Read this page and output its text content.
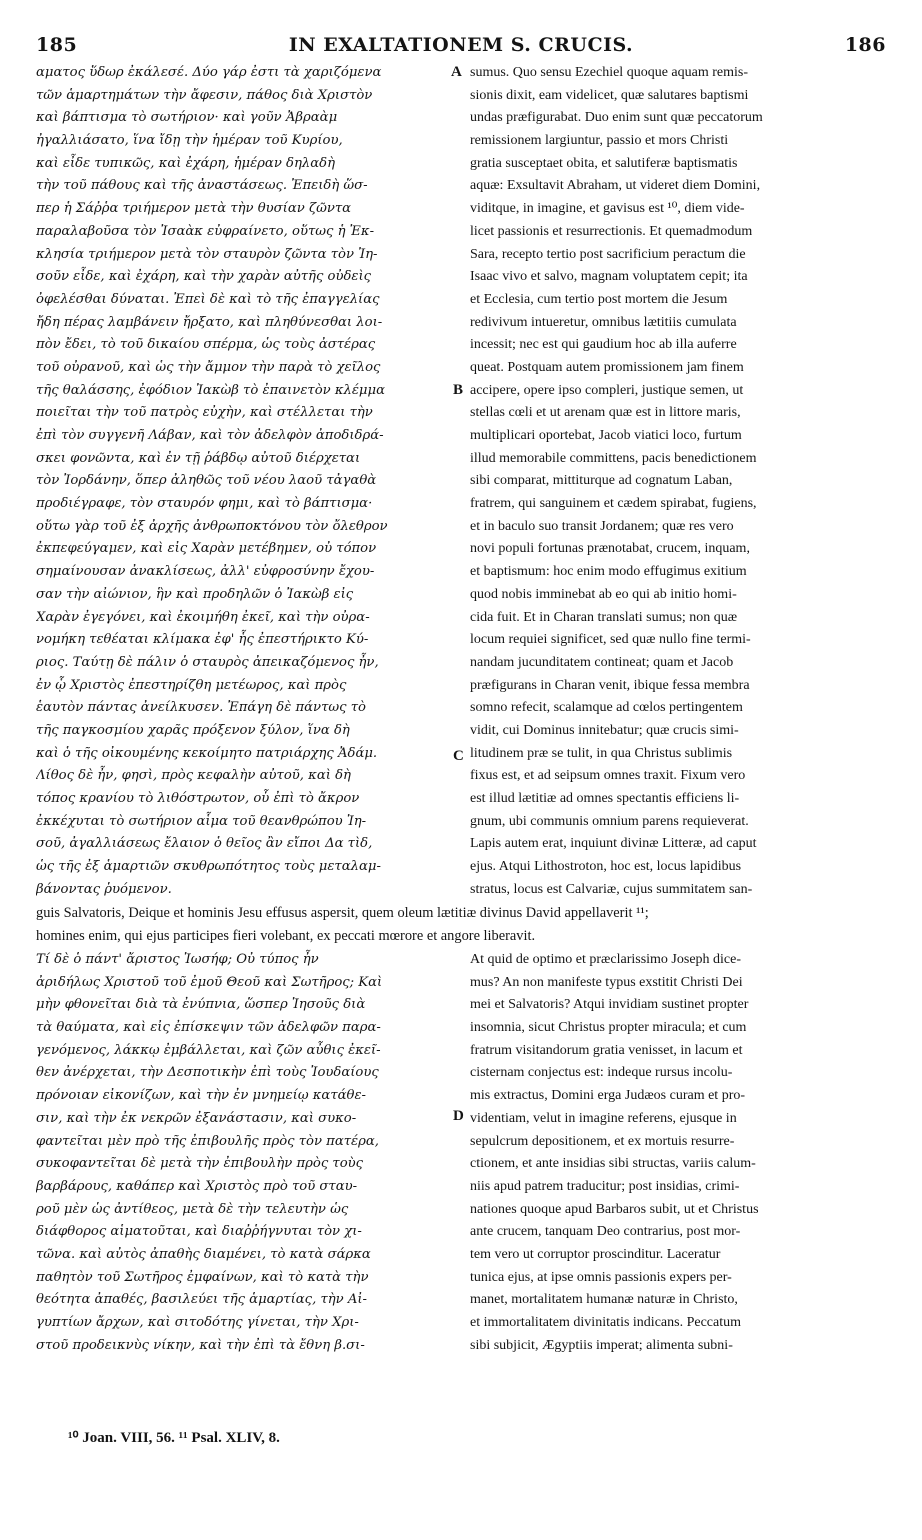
185	IN EXALTATIONEM S. CRUCIS.	186
ɑματος ὕδωρ ἐκάλεσέ. Δύο γάρ ἐστι τὰ χαριζόμενα
τῶν ἁμαρτημάτων τὴν ἄφεσιν, πάθος διὰ Χριστὸν
καὶ βάπτισμα τὸ σωτήριον· καὶ γοῦν Ἀβραὰμ
ἠγαλλιάσατο, ἵνα ἴδῃ τὴν ἡμέραν τοῦ Κυρίου,
καὶ εἶδε τυπικῶς, καὶ ἐχάρη, ἡμέραν δηλαδὴ
τὴν τοῦ πάθους καὶ τῆς ἀναστάσεως. Ἐπειδὴ ὥσ-
περ ἡ Σάῤῥα τριήμερον μετὰ τὴν θυσίαν ζῶντα
παραλαβοῦσα τὸν Ἰσαὰκ εὐφραίνετο, οὕτως ἡ Ἐκ-
κλησία τριήμερον μετὰ τὸν σταυρὸν ζῶντα τὸν Ἰη-
σοῦν εἶδε, καὶ ἐχάρη, καὶ τὴν χαρὰν αὐτῆς οὐδεὶς
ὀφελέσθαι δύναται. Ἐπεὶ δὲ καὶ τὸ τῆς ἐπαγγελίας
ἤδη πέρας λαμβάνειν ἤρξατο, καὶ πληθύνεσθαι λοι-
πὸν ἔδει, τὸ τοῦ δικαίου σπέρμα, ὡς τοὺς ἀστέρας
τοῦ οὐρανοῦ, καὶ ὡς τὴν ἄμμον τὴν παρὰ τὸ χεῖλος
τῆς θαλάσσης, ἐφόδιον Ἰακὼβ τὸ ἐπαινετὸν κλέμμα
ποιεῖται τὴν τοῦ πατρὸς εὐχὴν, καὶ στέλλεται τὴν
ἐπὶ τὸν συγγενῆ Λάβαν, καὶ τὸν ἀδελφὸν ἀποδιδρά-
σκει φονῶντα, καὶ ἐν τῇ ῥάβδῳ αὐτοῦ διέρχεται
τὸν Ἰορδάνην, ὅπερ ἀληθῶς τοῦ νέου λαοῦ τἀγαθὰ
προδιέγραφε, τὸν σταυρόν φημι, καὶ τὸ βάπτισμα·
οὕτω γὰρ τοῦ ἐξ ἀρχῆς ἀνθρωποκτόνου τὸν ὄλεθρον
ἐκπεφεύγαμεν, καὶ εἰς Χαρὰν μετέβημεν, οὐ τόπον
σημαίνουσαν ἀνακλίσεως, ἀλλ' εὐφροσύνην ἔχου-
σαν τὴν αἰώνιον, ἣν καὶ προδηλῶν ὁ Ἰακὼβ εἰς
Χαρὰν ἐγεγόνει, καὶ ἐκοιμήθη ἐκεῖ, καὶ τὴν οὐρα-
νομήκη τεθέαται κλίμακα ἐφ' ἧς ἐπεστήρικτο Κύ-
ριος. Ταύτῃ δὲ πάλιν ὁ σταυρὸς ἀπεικαζόμενος ἦν,
ἐν ᾧ Χριστὸς ἐπεστηρίζθη μετέωρος, καὶ πρὸς
ἑαυτὸν πάντας ἀνείλκυσεν. Ἐπάγη δὲ πάντως τὸ
τῆς παγκοσμίου χαρᾶς πρόξενον ξύλον, ἵνα δὴ
καὶ ὁ τῆς οἰκουμένης κεκοίμητο πατριάρχης Ἀδάμ.
Λίθος δὲ ἦν, φησὶ, πρὸς κεφαλὴν αὐτοῦ, καὶ δὴ
τόπος κρανίου τὸ λιθόστρωτον, οὗ ἐπὶ τὸ ἄκρον
ἐκκέχυται τὸ σωτήριον αἷμα τοῦ θεανθρώπου Ἰη-
σοῦ, ἀγαλλιάσεως ἔλαιον ὁ θεῖος ἂν εἴποι Δα τὶδ,
ὡς τῆς ἐξ ἁμαρτιῶν σκυθρωπότητος τοὺς μεταλαμ-
βάνοντας ῥυόμενον.
sumus. Quo sensu Ezechiel quoque aquam remis-
sionis dixit, eam videlicet, quæ salutares baptismi
undas præfigurabat. Duo enim sunt quæ peccatorum
remissionem largiuntur, passio et mors Christi
gratia susceptaet obita, et salutiferæ baptismatis
aquæ: Exsultavit Abraham, ut videret diem Domini,
viditque, in imagine, et gavisus est ¹⁰, diem vide-
licet passionis et resurrectionis. Et quemadmodum
Sara, recepto tertio post sacrificium peractum die
Isaac vivo et salvo, magnam voluptatem cepit; ita
et Ecclesia, cum tertio post mortem die Jesum
redivivum intueretur, omnibus lætitiis cumulata
incessit; nec est qui gaudium hoc ab illa auferre
queat. Postquam autem promissionem jam finem
accipere, opere ipso compleri, justique semen, ut
stellas cœli et ut arenam quæ est in littore maris,
multiplicari oportebat, Jacob viatici loco, furtum
illud memorabile committens, pacis benedictionem
sibi comparat, mittiturque ad cognatum Laban,
fratrem, qui sanguinem et cædem spirabat, fugiens,
et in baculo suo transit Jordanem; quæ res vero
novi populi fortunas prænotabat, crucem, inquam,
et baptismum: hoc enim modo effugimus exitium
quod nobis imminebat ab eo qui ab initio homi-
cida fuit. Et in Charan translati sumus; non quæ
locum requiei significet, sed quæ nullo fine termi-
nandam jucunditatem contineat; quam et Jacob
præfigurans in Charan venit, ibique fessa membra
somno refecit, scalamque ad cœlos pertingentem
vidit, cui Dominus innitebatur; quæ crucis simi-
litudinem præ se tulit, in qua Christus sublimis
fixus est, et ad seipsum omnes traxit. Fixum vero
est illud lætitiæ ad omnes spectantis efficiens li-
gnum, ubi communis omnium parens requieverat.
Lapis autem erat, inquiunt divinæ Litteræ, ad caput
ejus. Atqui Lithostroton, hoc est, locus lapidibus
stratus, locus est Calvariæ, cujus summitatem san-
guis Salvatoris, Deique et hominis Jesu effusus aspersit, quem oleum lætitiæ divinus David appellaverit ¹¹;
homines enim, qui ejus participes fieri volebant, ex peccati mœrore et angore liberavit.
Τί δὲ ὁ πάντ' ἄριστος Ἰωσήφ; Οὐ τύπος ἦν
ἀριδήλως Χριστοῦ τοῦ ἐμοῦ Θεοῦ καὶ Σωτῆρος; Καὶ
μὴν φθονεῖται διὰ τὰ ἐνύπνια, ὥσπερ Ἰησοῦς διὰ
τὰ θαύματα, καὶ εἰς ἐπίσκεψιν τῶν ἀδελφῶν παρα-
γενόμενος, λάκκῳ ἐμβάλλεται, καὶ ζῶν αὖθις ἐκεῖ-
θεν ἀνέρχεται, τὴν Δεσποτικὴν ἐπὶ τοὺς Ἰουδαίους
πρόνοιαν εἰκονίζων, καὶ τὴν ἐν μνημείῳ κατάθε-
σιν, καὶ τὴν ἐκ νεκρῶν ἐξανάστασιν, καὶ συκο-
φαντεῖται μὲν πρὸ τῆς ἐπιβουλῆς πρὸς τὸν πατέρα,
συκοφαντεῖται δὲ μετὰ τὴν ἐπιβουλὴν πρὸς τοὺς
βαρβάρους, καθάπερ καὶ Χριστὸς πρὸ τοῦ σταυ-
ροῦ μὲν ὡς ἀντίθεος, μετὰ δὲ τὴν τελευτὴν ὡς
διάφθορος αἱματοῦται, καὶ διαῤῥήγνυται τὸν χι-
τῶνα. καὶ αὐτὸς ἀπαθὴς διαμένει, τὸ κατὰ σάρκα
παθητὸν τοῦ Σωτῆρος ἐμφαίνων, καὶ τὸ κατὰ τὴν
θεότητα ἀπαθές, βασιλεύει τῆς ἁμαρτίας, τὴν Αἰ-
γυπτίων ἄρχων, καὶ σιτοδότης γίνεται, τὴν Χρι-
στοῦ προδεικνὺς νίκην, καὶ τὴν ἐπὶ τὰ ἔθνη β.σι-
At quid de optimo et præclarissimo Joseph dice-
mus? An non manifeste typus exstitit Christi Dei
mei et Salvatoris? Atqui invidiam sustinet propter
insomnia, sicut Christus propter miracula; et cum
fratrum visitandorum gratia venisset, in lacum et
cisternam conjectus est: indeque rursus incolu-
mis extractus, Domini erga Judæos curam et pro-
videntiam, velut in imagine referens, ejusque in
sepulcrum depositionem, et ex mortuis resurre-
ctionem, et ante insidias sibi structas, variis calum-
niis apud patrem traducitur; post insidias, crimi-
nationes quoque apud Barbaros subit, ut et Christus
ante crucem, tanquam Deo contrarius, post mor-
tem vero ut corruptor proscinditur. Laceratur
tunica ejus, at ipse omnis passionis expers per-
manet, mortalitatem humanæ naturæ in Christo,
et immortalitatem divinitatis indicans. Peccatum
sibi subjicit, Ægyptiis imperat; alimenta subni-
A
B
C
D
¹⁰ Joan. VIII, 56. ¹¹ Psal. XLIV, 8.
